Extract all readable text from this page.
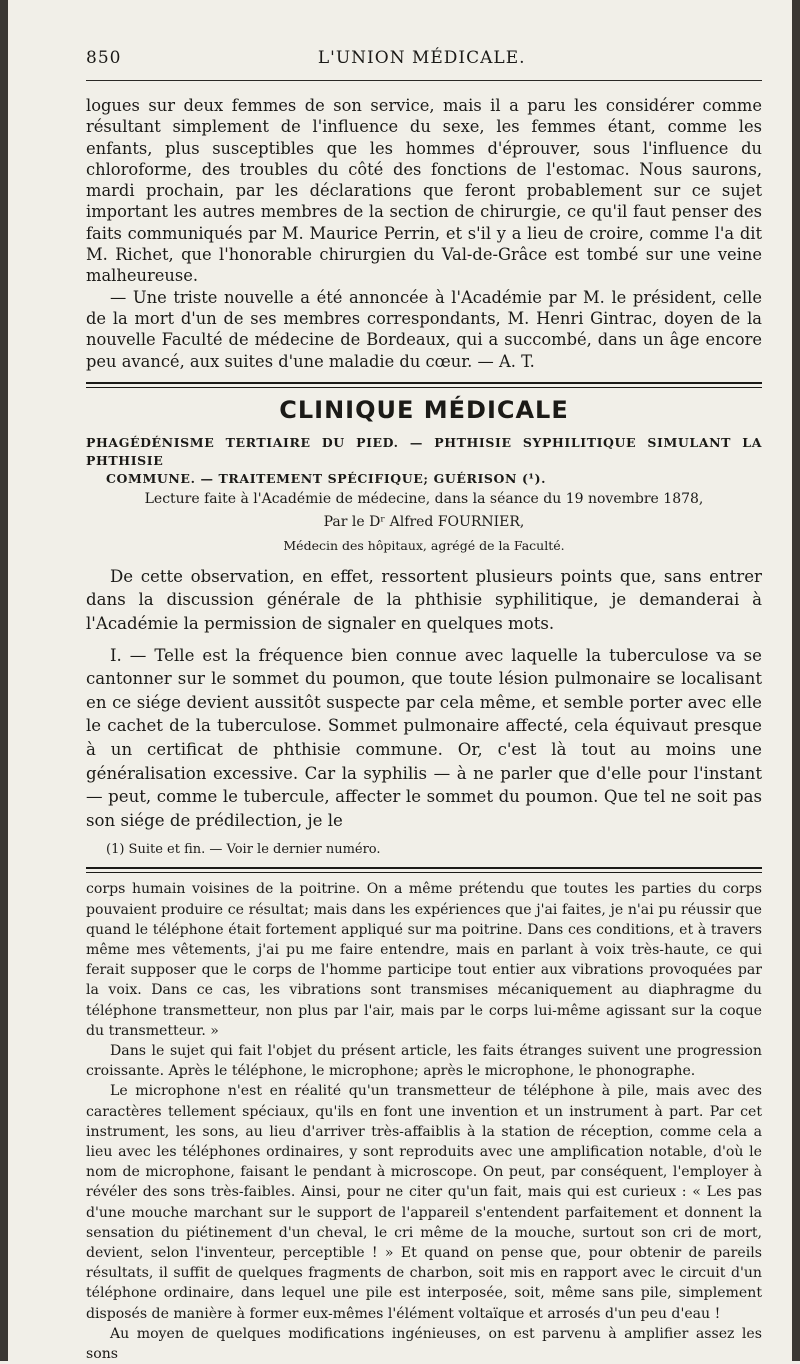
850	L'UNION MÉDICALE.

logues sur deux femmes de son service, mais il a paru les considérer comme résultant simplement de l'influence du sexe, les femmes étant, comme les enfants, plus susceptibles que les hommes d'éprouver, sous l'influence du chloroforme, des troubles du côté des fonctions de l'estomac. Nous saurons, mardi prochain, par les déclarations que feront probablement sur ce sujet important les autres membres de la section de chirurgie, ce qu'il faut penser des faits communiqués par M. Maurice Perrin, et s'il y a lieu de croire, comme l'a dit M. Richet, que l'honorable chirurgien du Val-de-Grâce est tombé sur une veine malheureuse.

— Une triste nouvelle a été annoncée à l'Académie par M. le président, celle de la mort d'un de ses membres correspondants, M. Henri Gintrac, doyen de la nouvelle Faculté de médecine de Bordeaux, qui a succombé, dans un âge encore peu avancé, aux suites d'une maladie du cœur. — A. T.

CLINIQUE MÉDICALE
PHAGÉDÉNISME TERTIAIRE DU PIED. — PHTHISIE SYPHILITIQUE SIMULANT LA PHTHISIE
COMMUNE. — TRAITEMENT SPÉCIFIQUE; GUÉRISON (¹).
Lecture faite à l'Académie de médecine, dans la séance du 19 novembre 1878,
Par le Dʳ Alfred FOURNIER,
Médecin des hôpitaux, agrégé de la Faculté.

De cette observation, en effet, ressortent plusieurs points que, sans entrer dans la discussion générale de la phthisie syphilitique, je demanderai à l'Académie la permission de signaler en quelques mots.

I. — Telle est la fréquence bien connue avec laquelle la tuberculose va se cantonner sur le sommet du poumon, que toute lésion pulmonaire se localisant en ce siége devient aussitôt suspecte par cela même, et semble porter avec elle le cachet de la tuberculose. Sommet pulmonaire affecté, cela équivaut presque à un certificat de phthisie commune. Or, c'est là tout au moins une généralisation excessive. Car la syphilis — à ne parler que d'elle pour l'instant — peut, comme le tubercule, affecter le sommet du poumon. Que tel ne soit pas son siége de prédilection, je le

(1) Suite et fin. — Voir le dernier numéro.

corps humain voisines de la poitrine. On a même prétendu que toutes les parties du corps pouvaient produire ce résultat; mais dans les expériences que j'ai faites, je n'ai pu réussir que quand le téléphone était fortement appliqué sur ma poitrine. Dans ces conditions, et à travers même mes vêtements, j'ai pu me faire entendre, mais en parlant à voix très-haute, ce qui ferait supposer que le corps de l'homme participe tout entier aux vibrations provoquées par la voix. Dans ce cas, les vibrations sont transmises mécaniquement au diaphragme du téléphone transmetteur, non plus par l'air, mais par le corps lui-même agissant sur la coque du transmetteur. »

Dans le sujet qui fait l'objet du présent article, les faits étranges suivent une progression croissante. Après le téléphone, le microphone; après le microphone, le phonographe.

Le microphone n'est en réalité qu'un transmetteur de téléphone à pile, mais avec des caractères tellement spéciaux, qu'ils en font une invention et un instrument à part. Par cet instrument, les sons, au lieu d'arriver très-affaiblis à la station de réception, comme cela a lieu avec les téléphones ordinaires, y sont reproduits avec une amplification notable, d'où le nom de microphone, faisant le pendant à microscope. On peut, par conséquent, l'employer à révéler des sons très-faibles. Ainsi, pour ne citer qu'un fait, mais qui est curieux : « Les pas d'une mouche marchant sur le support de l'appareil s'entendent parfaitement et donnent la sensation du piétinement d'un cheval, le cri même de la mouche, surtout son cri de mort, devient, selon l'inventeur, perceptible ! » Et quand on pense que, pour obtenir de pareils résultats, il suffit de quelques fragments de charbon, soit mis en rapport avec le circuit d'un téléphone ordinaire, dans lequel une pile est interposée, soit, même sans pile, simplement disposés de manière à former eux-mêmes l'élément voltaïque et arrosés d'un peu d'eau !

Au moyen de quelques modifications ingénieuses, on est parvenu à amplifier assez les sons
